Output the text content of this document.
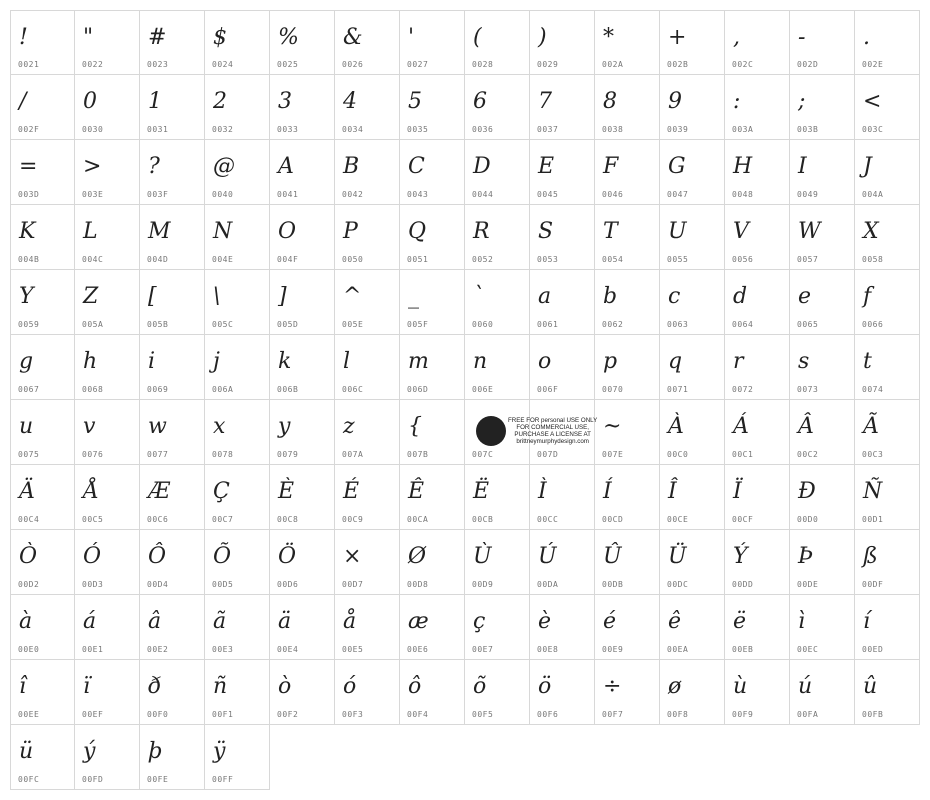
!
0021
"
0022
#
0023
$
0024
%
0025
&
0026
'
0027
(
0028
)
0029
*
002A
+
002B
,
002C
-
002D
.
002E
/
002F
0
0030
1
0031
2
0032
3
0033
4
0034
5
0035
6
0036
7
0037
8
0038
9
0039
:
003A
;
003B
<
003C
=
003D
>
003E
?
003F
@
0040
A
0041
B
0042
C
0043
D
0044
E
0045
F
0046
G
0047
H
0048
I
0049
J
004A
K
004B
L
004C
M
004D
N
004E
O
004F
P
0050
Q
0051
R
0052
S
0053
T
0054
U
0055
V
0056
W
0057
X
0058
Y
0059
Z
005A
[
005B
\
005C
]
005D
^
005E
_
005F
`
0060
a
0061
b
0062
c
0063
d
0064
e
0065
f
0066
g
0067
h
0068
i
0069
j
006A
k
006B
l
006C
m
006D
n
006E
o
006F
p
0070
q
0071
r
0072
s
0073
t
0074
u
0075
v
0076
w
0077
x
0078
y
0079
z
007A
{
007B	007C	007D
~
007E
À
00C0
Á
00C1
Â
00C2
Ã
00C3
Ä
00C4
Å
00C5
Æ
00C6
Ç
00C7
È
00C8
É
00C9
Ê
00CA
Ë
00CB
Ì
00CC
Í
00CD
Î
00CE
Ï
00CF
Ð
00D0
Ñ
00D1
Ò
00D2
Ó
00D3
Ô
00D4
Õ
00D5
Ö
00D6
×
00D7
Ø
00D8
Ù
00D9
Ú
00DA
Û
00DB
Ü
00DC
Ý
00DD
Þ
00DE
ß
00DF
à
00E0
á
00E1
â
00E2
ã
00E3
ä
00E4
å
00E5
æ
00E6
ç
00E7
è
00E8
é
00E9
ê
00EA
ë
00EB
ì
00EC
í
00ED
î
00EE
ï
00EF
ð
00F0
ñ
00F1
ò
00F2
ó
00F3
ô
00F4
õ
00F5
ö
00F6
÷
00F7
ø
00F8
ù
00F9
ú
00FA
û
00FB
ü
00FC
ý
00FD
þ
00FE
ÿ
00FF
FREE FOR personal USE ONLY
FOR COMMERCIAL USE,
PURCHASE A LICENSE AT
brittneymurphydesign.com
